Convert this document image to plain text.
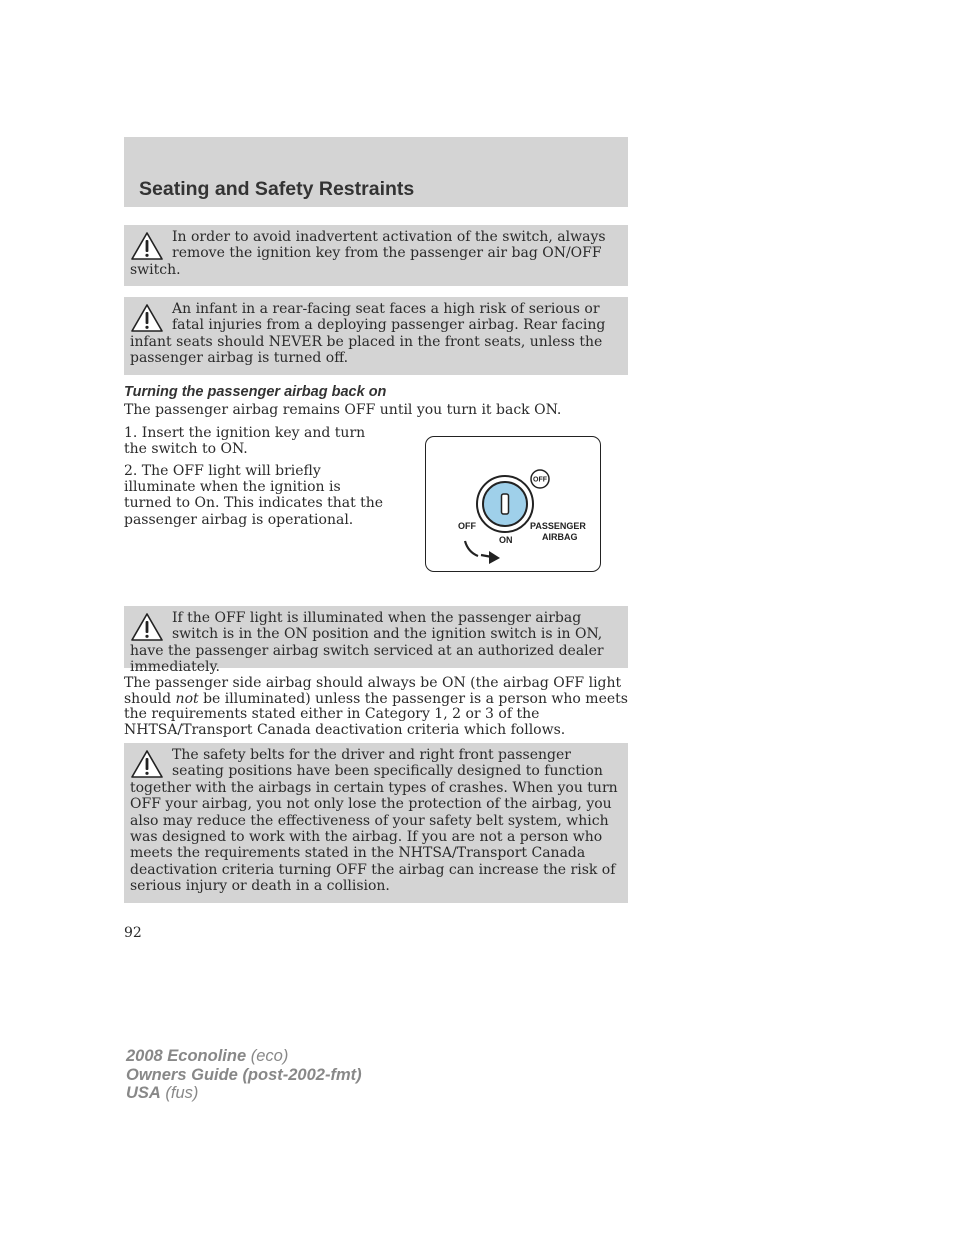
Seating and Safety Restraints

In order to avoid inadvertent activation of the switch, always remove the ignition key from the passenger air bag ON/OFF switch.

An infant in a rear-facing seat faces a high risk of serious or fatal injuries from a deploying passenger airbag. Rear facing infant seats should NEVER be placed in the front seats, unless the passenger airbag is turned off.

Turning the passenger airbag back on

The passenger airbag remains OFF until you turn it back ON.

1. Insert the ignition key and turn the switch to ON.

2. The OFF light will briefly illuminate when the ignition is turned to On. This indicates that the passenger airbag is operational.

OFF
OFF
ON
PASSENGER
AIRBAG

If the OFF light is illuminated when the passenger airbag switch is in the ON position and the ignition switch is in ON, have the passenger airbag switch serviced at an authorized dealer immediately.

The passenger side airbag should always be ON (the airbag OFF light should not be illuminated) unless the passenger is a person who meets the requirements stated either in Category 1, 2 or 3 of the NHTSA/Transport Canada deactivation criteria which follows.

The safety belts for the driver and right front passenger seating positions have been specifically designed to function together with the airbags in certain types of crashes. When you turn OFF your airbag, you not only lose the protection of the airbag, you also may reduce the effectiveness of your safety belt system, which was designed to work with the airbag. If you are not a person who meets the requirements stated in the NHTSA/Transport Canada deactivation criteria turning OFF the airbag can increase the risk of serious injury or death in a collision.

92

2008 Econoline (eco)
Owners Guide (post-2002-fmt)
USA (fus)
